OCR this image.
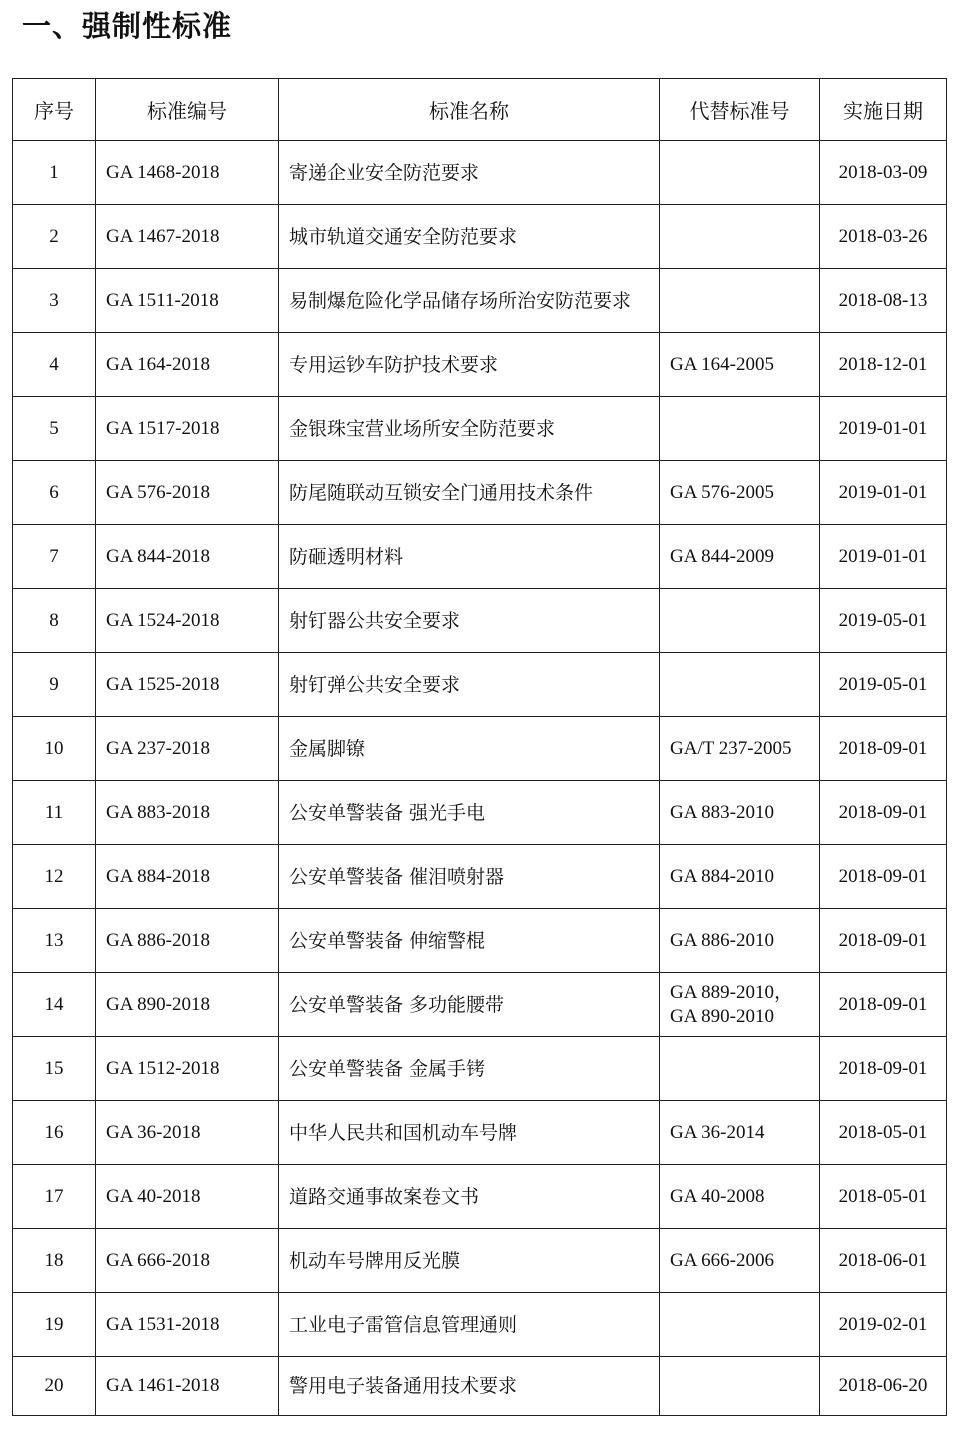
一、强制性标准
序号	标准编号	标准名称	代替标准号	实施日期
1	GA 1468-2018	寄递企业安全防范要求		2018-03-09
2	GA 1467-2018	城市轨道交通安全防范要求		2018-03-26
3	GA 1511-2018	易制爆危险化学品储存场所治安防范要求		2018-08-13
4	GA 164-2018	专用运钞车防护技术要求	GA 164-2005	2018-12-01
5	GA 1517-2018	金银珠宝营业场所安全防范要求		2019-01-01
6	GA 576-2018	防尾随联动互锁安全门通用技术条件	GA 576-2005	2019-01-01
7	GA 844-2018	防砸透明材料	GA 844-2009	2019-01-01
8	GA 1524-2018	射钉器公共安全要求		2019-05-01
9	GA 1525-2018	射钉弹公共安全要求		2019-05-01
10	GA 237-2018	金属脚镣	GA/T 237-2005	2018-09-01
11	GA 883-2018	公安单警装备 强光手电	GA 883-2010	2018-09-01
12	GA 884-2018	公安单警装备 催泪喷射器	GA 884-2010	2018-09-01
13	GA 886-2018	公安单警装备 伸缩警棍	GA 886-2010	2018-09-01
14	GA 890-2018	公安单警装备 多功能腰带	GA 889-2010，
GA 890-2010	2018-09-01
15	GA 1512-2018	公安单警装备 金属手铐		2018-09-01
16	GA 36-2018	中华人民共和国机动车号牌	GA 36-2014	2018-05-01
17	GA 40-2018	道路交通事故案卷文书	GA 40-2008	2018-05-01
18	GA 666-2018	机动车号牌用反光膜	GA 666-2006	2018-06-01
19	GA 1531-2018	工业电子雷管信息管理通则		2019-02-01
20	GA 1461-2018	警用电子装备通用技术要求		2018-06-20
